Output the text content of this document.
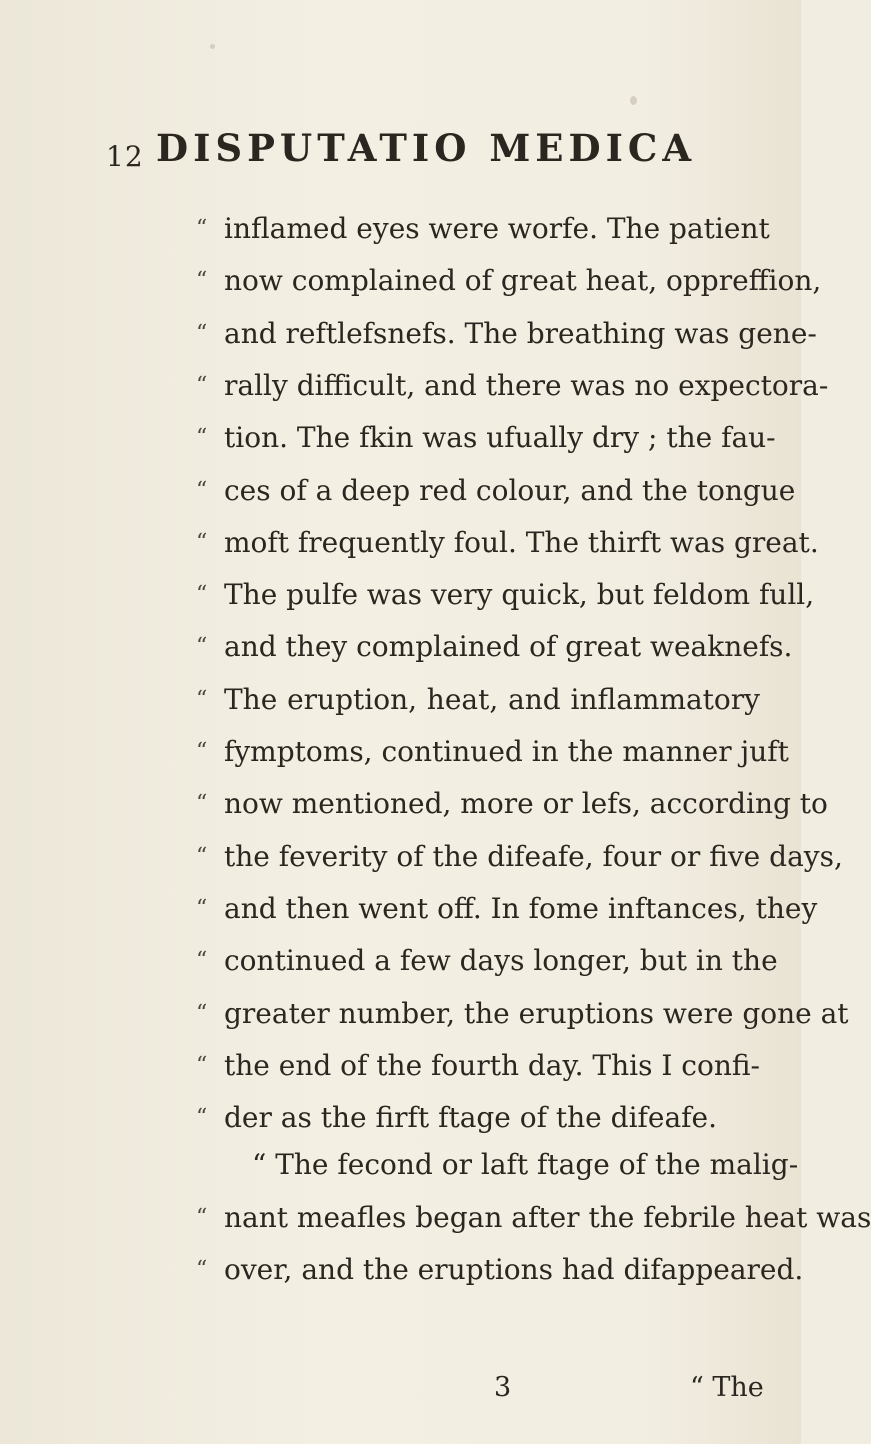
12 DISPUTATIO MEDICA
“ inflamed eyes were worfe. The patient
“ now complained of great heat, oppreffion,
“ and reftlefsnefs. The breathing was gene-
“ rally difficult, and there was no expectora-
“ tion. The fkin was ufually dry ; the fau-
“ ces of a deep red colour, and the tongue
“ moft frequently foul. The thirft was great.
“ The pulfe was very quick, but feldom full,
“ and they complained of great weaknefs.
“ The eruption, heat, and inflammatory
“ fymptoms, continued in the manner juft
“ now mentioned, more or lefs, according to
“ the feverity of the difeafe, four or five days,
“ and then went off. In fome inftances, they
“ continued a few days longer, but in the
“ greater number, the eruptions were gone at
“ the end of the fourth day. This I confi-
“ der as the firft ftage of the difeafe.
“ The fecond or laft ftage of the malig-
“ nant meafles began after the febrile heat was
“ over, and the eruptions had difappeared.
3	“ The
